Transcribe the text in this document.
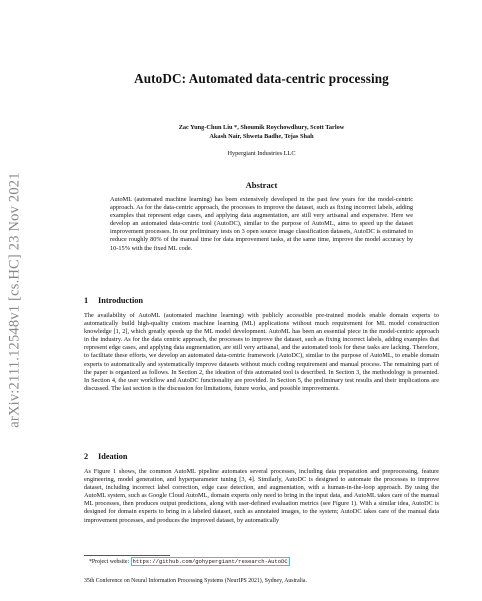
arXiv:2111.12548v1 [cs.HC] 23 Nov 2021
AutoDC: Automated data-centric processing
Zac Yung-Chun Liu *, Shoumik Roychowdhury, Scott Tarlow
Akash Nair, Shweta Badhe, Tejas Shah
Hypergiant Industries LLC
Abstract
AutoML (automated machine learning) has been extensively developed in the past few years for the model-centric approach. As for the data-centric approach, the processes to improve the dataset, such as fixing incorrect labels, adding examples that represent edge cases, and applying data augmentation, are still very artisanal and expensive. Here we develop an automated data-centric tool (AutoDC), similar to the purpose of AutoML, aims to speed up the dataset improvement processes. In our preliminary tests on 3 open source image classification datasets, AutoDC is estimated to reduce roughly 80% of the manual time for data improvement tasks, at the same time, improve the model accuracy by 10-15% with the fixed ML code.
1 Introduction
The availability of AutoML (automated machine learning) with publicly accessible pre-trained models enable domain experts to automatically build high-quality custom machine learning (ML) applications without much requirement for ML model construction knowledge [1, 2], which greatly speeds up the ML model development. AutoML has been an essential piece in the model-centric approach in the industry. As for the data centric approach, the processes to improve the dataset, such as fixing incorrect labels, adding examples that represent edge cases, and applying data augmentation, are still very artisanal, and the automated tools for these tasks are lacking. Therefore, to facilitate these efforts, we develop an automated data-centric framework (AutoDC), similar to the purpose of AutoML, to enable domain experts to automatically and systematically improve datasets without much coding requirement and manual process. The remaining part of the paper is organized as follows. In Section 2, the ideation of this automated tool is described. In Section 3, the methodology is presented. In Section 4, the user workflow and AutoDC functionality are provided. In Section 5, the preliminary test results and their implications are discussed. The last section is the discussion for limitations, future works, and possible improvements.
2 Ideation
As Figure 1 shows, the common AutoML pipeline automates several processes, including data preparation and preprocessing, feature engineering, model generation, and hyperparameter tuning [3, 4]. Similarly, AutoDC is designed to automate the processes to improve dataset, including incorrect label correction, edge case detection, and augmentation, with a human-in-the-loop approach. By using the AutoML system, such as Google Cloud AutoML, domain experts only need to bring in the input data, and AutoML takes care of the manual ML processes, then produces output predictions, along with user-defined evaluation metrics (see Figure 1). With a similar idea, AutoDC is designed for domain experts to bring in a labeled dataset, such as annotated images, to the system; AutoDC takes care of the manual data improvement processes, and produces the improved dataset, by automatically
*Project website: https://github.com/gohypergiant/research-AutoDC
35th Conference on Neural Information Processing Systems (NeurIPS 2021), Sydney, Australia.
